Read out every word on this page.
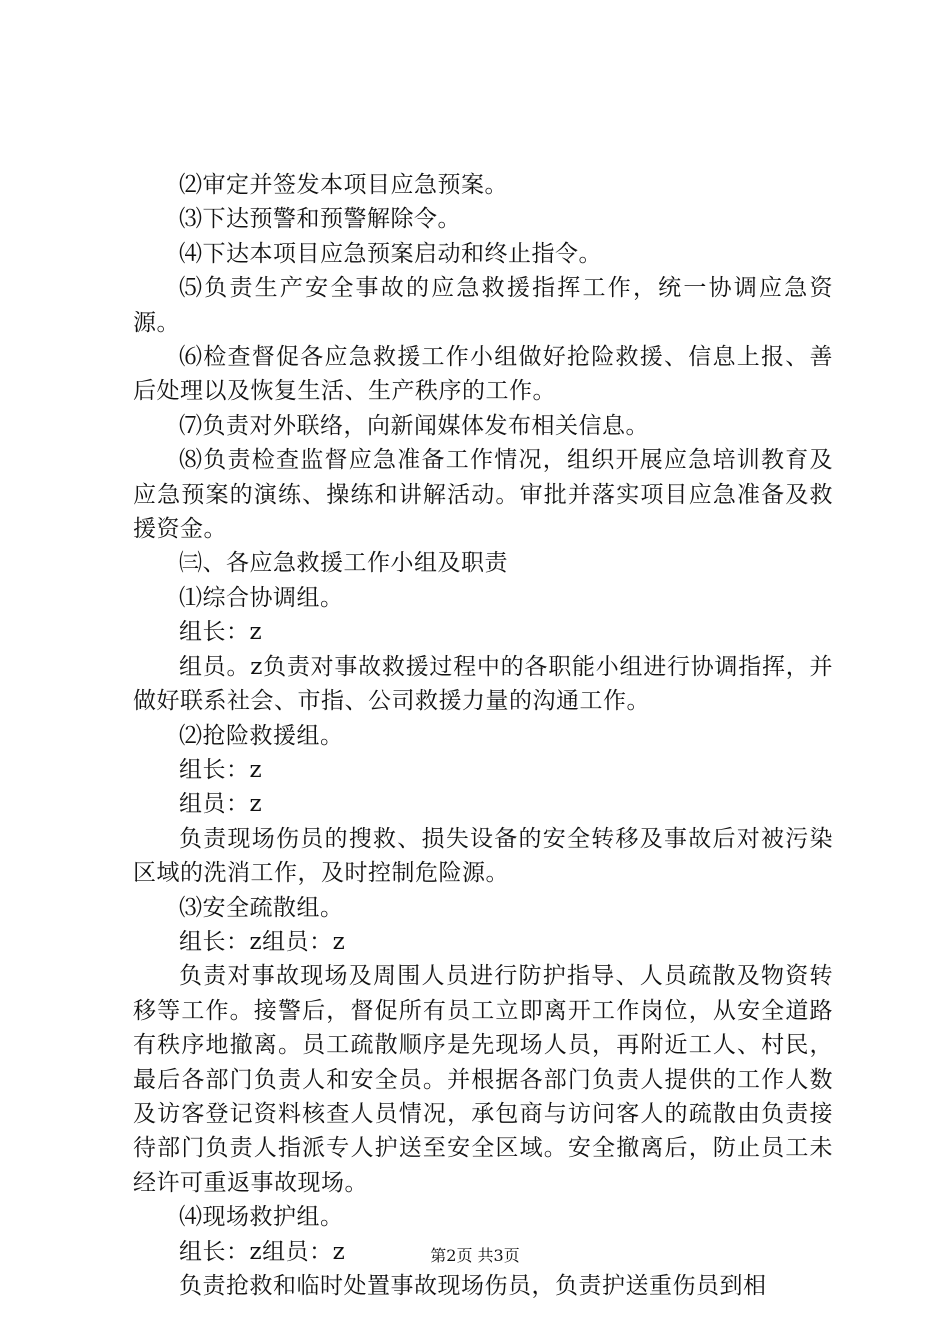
⑵审定并签发本项目应急预案。

⑶下达预警和预警解除令。

⑷下达本项目应急预案启动和终止指令。

⑸负责生产安全事故的应急救援指挥工作，统一协调应急资源。

⑹检查督促各应急救援工作小组做好抢险救援、信息上报、善后处理以及恢复生活、生产秩序的工作。

⑺负责对外联络，向新闻媒体发布相关信息。

⑻负责检查监督应急准备工作情况，组织开展应急培训教育及应急预案的演练、操练和讲解活动。审批并落实项目应急准备及救援资金。

㈢、各应急救援工作小组及职责

⑴综合协调组。

组长：z

组员。z负责对事故救援过程中的各职能小组进行协调指挥，并做好联系社会、市指、公司救援力量的沟通工作。

⑵抢险救援组。

组长：z

组员：z

负责现场伤员的搜救、损失设备的安全转移及事故后对被污染区域的洗消工作，及时控制危险源。

⑶安全疏散组。

组长：z组员：z

负责对事故现场及周围人员进行防护指导、人员疏散及物资转移等工作。接警后，督促所有员工立即离开工作岗位，从安全道路有秩序地撤离。员工疏散顺序是先现场人员，再附近工人、村民，最后各部门负责人和安全员。并根据各部门负责人提供的工作人数及访客登记资料核查人员情况，承包商与访问客人的疏散由负责接待部门负责人指派专人护送至安全区域。安全撤离后，防止员工未经许可重返事故现场。

⑷现场救护组。

组长：z组员：z

负责抢救和临时处置事故现场伤员，负责护送重伤员到相

第2页 共3页
